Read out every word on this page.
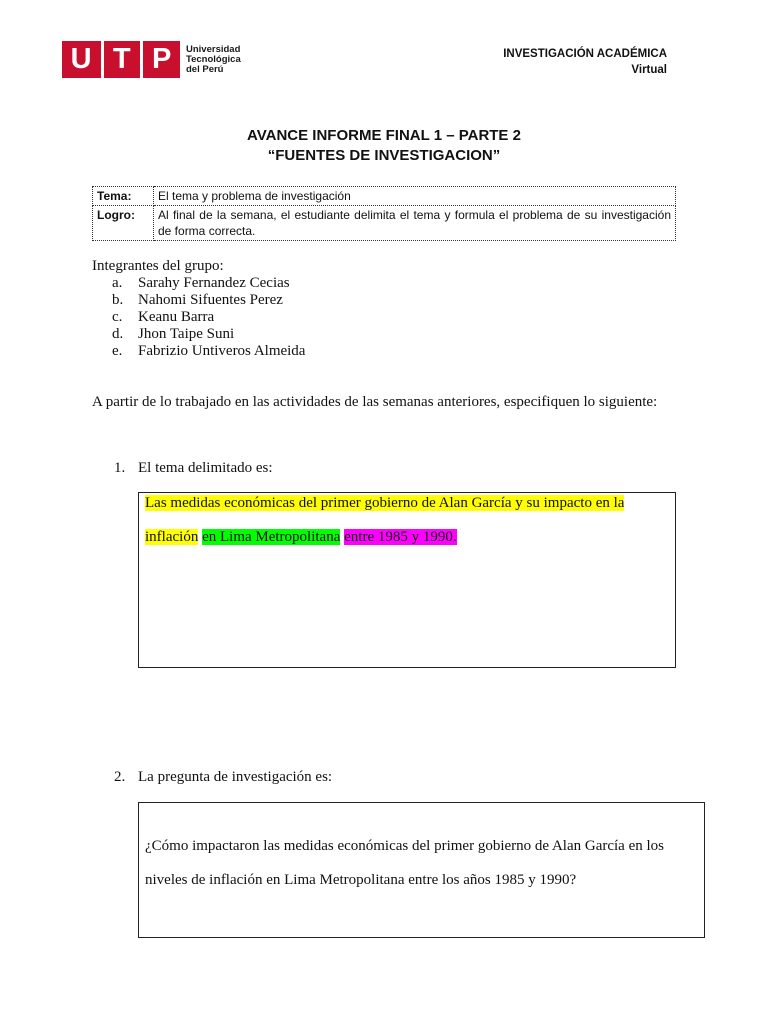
U T P Universidad
Tecnológica
del Perú
INVESTIGACIÓN ACADÉMICA
Virtual
AVANCE INFORME FINAL 1 – PARTE 2
“FUENTES DE INVESTIGACION”
Tema:	El tema y problema de investigación
Logro:	Al final de la semana, el estudiante delimita el tema y formula el problema de su investigación de forma correcta.
Integrantes del grupo:
a.	Sarahy Fernandez Cecias
b. Nahomi Sifuentes Perez
c.	Keanu Barra
d. Jhon Taipe Suni
e.	Fabrizio Untiveros Almeida
A partir de lo trabajado en las actividades de las semanas anteriores, especifiquen lo siguiente:
1. El tema delimitado es:
Las medidas económicas del primer gobierno de Alan García y su impacto en la
inflación en Lima Metropolitana entre 1985 y 1990.
2. La pregunta de investigación es:
¿Cómo impactaron las medidas económicas del primer gobierno de Alan García en los
niveles de inflación en Lima Metropolitana entre los años 1985 y 1990?
